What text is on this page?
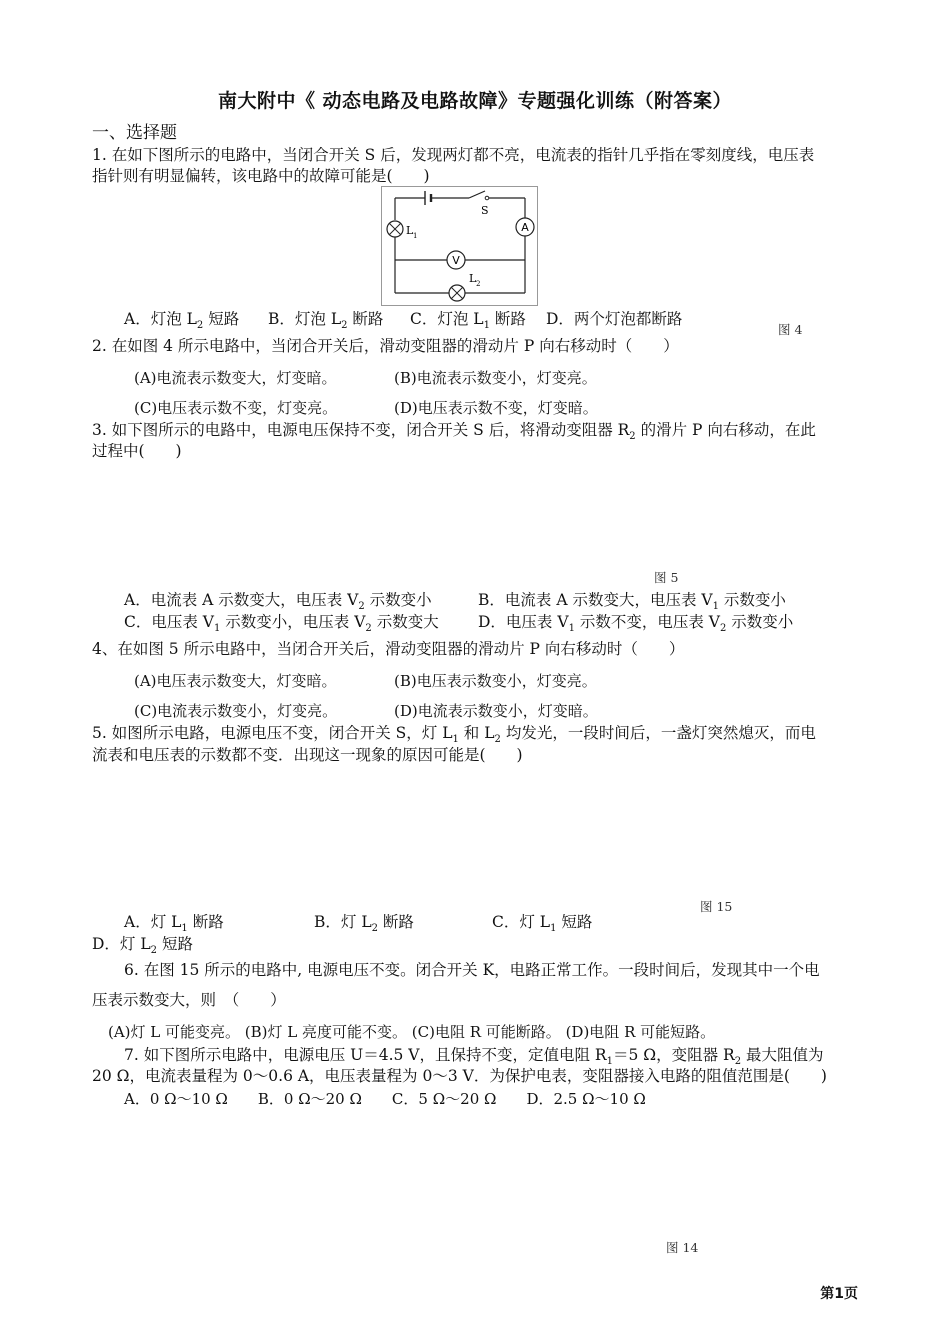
南大附中《 动态电路及电路故障》专题强化训练（附答案）
一、选择题
1. 在如下图所示的电路中，当闭合开关 S 后，发现两灯都不亮，电流表的指针几乎指在零刻度线，电压表
指针则有明显偏转，该电路中的故障可能是(　　)
S
L 1
A
V
L 2
A．灯泡 $L_2$ 短路 B．灯泡 $L_2$ 断路 C．灯泡 $L_1$ 断路 D．两个灯泡都断路
图 4
2. 在如图 4 所示电路中，当闭合开关后，滑动变阻器的滑动片 P 向右移动时（　　）
(A)电流表示数变大，灯变暗。	(B)电流表示数变小，灯变亮。
(C)电压表示数不变，灯变亮。	(D)电压表示数不变，灯变暗。
3. 如下图所示的电路中，电源电压保持不变，闭合开关 S 后，将滑动变阻器 $R_2$ 的滑片 P 向右移动，在此
过程中(　　)
图 5
A．电流表 A 示数变大，电压表 $V_2$ 示数变小	B．电流表 A 示数变大，电压表 $V_1$ 示数变小
C．电压表 $V_1$ 示数变小，电压表 $V_2$ 示数变大	D．电压表 $V_1$ 示数不变，电压表 $V_2$ 示数变小
4、在如图 5 所示电路中，当闭合开关后，滑动变阻器的滑动片 P 向右移动时（　　）
(A)电压表示数变大，灯变暗。	(B)电压表示数变小，灯变亮。
(C)电流表示数变小，灯变亮。	(D)电流表示数变小，灯变暗。
5. 如图所示电路，电源电压不变，闭合开关 S，灯 $L_1$ 和 $L_2$ 均发光，一段时间后，一盏灯突然熄灭，而电
流表和电压表的示数都不变．出现这一现象的原因可能是(　　)
图 15
A．灯 $L_1$ 断路	B．灯 $L_2$ 断路	C．灯 $L_1$ 短路
D．灯 $L_2$ 短路
6. 在图 15 所示的电路中, 电源电压不变。闭合开关 K，电路正常工作。一段时间后，发现其中一个电
压表示数变大，则　（　　）
(A)灯 L 可能变亮。 (B)灯 L 亮度可能不变。 (C)电阻 R 可能断路。 (D)电阻 R 可能短路。
7. 如下图所示电路中，电源电压 U＝4.5 V，且保持不变，定值电阻 $R_1=5$ Ω，变阻器 $R_2$ 最大阻值为
20 Ω，电流表量程为 0～0.6 A，电压表量程为 0～3 V．为保护电表，变阻器接入电路的阻值范围是(　　)
A．0 Ω～10 Ω　　B．0 Ω～20 Ω　　C．5 Ω～20 Ω　　D．2.5 Ω～10 Ω
图 14
第1页
